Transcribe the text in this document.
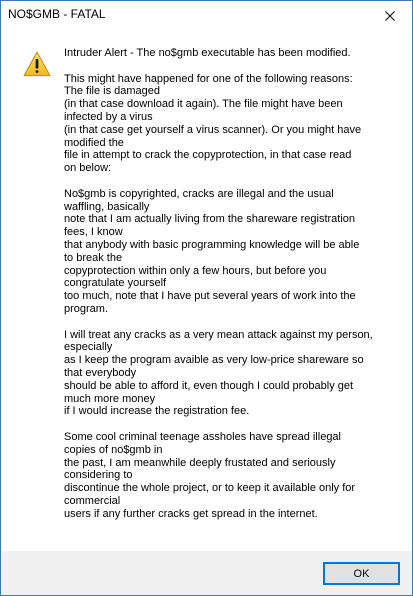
NO$GMB - FATAL

Intruder Alert - The no$gmb executable has been modified.

This might have happened for one of the following reasons:
The file is damaged
(in that case download it again). The file might have been
infected by a virus
(in that case get yourself a virus scanner). Or you might have
modified the
file in attempt to crack the copyprotection, in that case read
on below:

No$gmb is copyrighted, cracks are illegal and the usual
waffling, basically
note that I am actually living from the shareware registration
fees, I know
that anybody with basic programming knowledge will be able
to break the
copyprotection within only a few hours, but before you
congratulate yourself
too much, note that I have put several years of work into the
program.

I will treat any cracks as a very mean attack against my person,
especially
as I keep the program avaible as very low-price shareware so
that everybody
should be able to afford it, even though I could probably get
much more money
if I would increase the registration fee.

Some cool criminal teenage assholes have spread illegal
copies of no$gmb in
the past, I am meanwhile deeply frustated and seriously
considering to
discontinue the whole project, or to keep it available only for
commercial
users if any further cracks get spread in the internet.

OK
